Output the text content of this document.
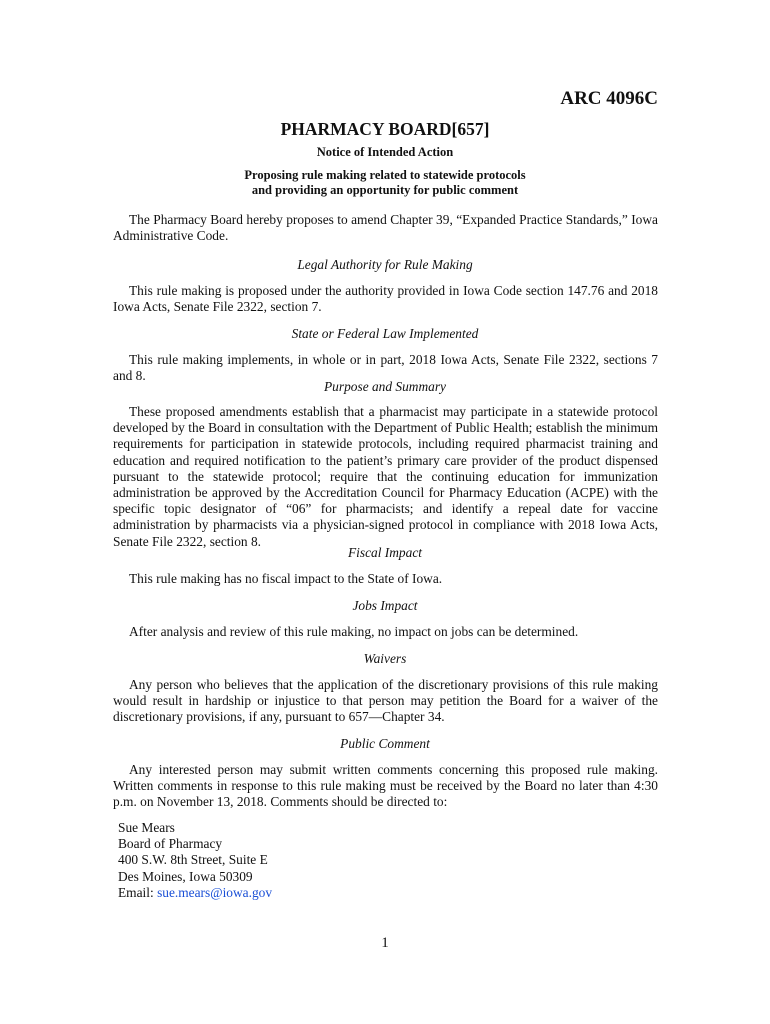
ARC 4096C
PHARMACY BOARD[657]
Notice of Intended Action
Proposing rule making related to statewide protocols
and providing an opportunity for public comment
The Pharmacy Board hereby proposes to amend Chapter 39, “Expanded Practice Standards,” Iowa Administrative Code.
Legal Authority for Rule Making
This rule making is proposed under the authority provided in Iowa Code section 147.76 and 2018 Iowa Acts, Senate File 2322, section 7.
State or Federal Law Implemented
This rule making implements, in whole or in part, 2018 Iowa Acts, Senate File 2322, sections 7 and 8.
Purpose and Summary
These proposed amendments establish that a pharmacist may participate in a statewide protocol developed by the Board in consultation with the Department of Public Health; establish the minimum requirements for participation in statewide protocols, including required pharmacist training and education and required notification to the patient’s primary care provider of the product dispensed pursuant to the statewide protocol; require that the continuing education for immunization administration be approved by the Accreditation Council for Pharmacy Education (ACPE) with the specific topic designator of “06” for pharmacists; and identify a repeal date for vaccine administration by pharmacists via a physician-signed protocol in compliance with 2018 Iowa Acts, Senate File 2322, section 8.
Fiscal Impact
This rule making has no fiscal impact to the State of Iowa.
Jobs Impact
After analysis and review of this rule making, no impact on jobs can be determined.
Waivers
Any person who believes that the application of the discretionary provisions of this rule making would result in hardship or injustice to that person may petition the Board for a waiver of the discretionary provisions, if any, pursuant to 657—Chapter 34.
Public Comment
Any interested person may submit written comments concerning this proposed rule making. Written comments in response to this rule making must be received by the Board no later than 4:30 p.m. on November 13, 2018. Comments should be directed to:
Sue Mears
Board of Pharmacy
400 S.W. 8th Street, Suite E
Des Moines, Iowa 50309
Email: sue.mears@iowa.gov
1
